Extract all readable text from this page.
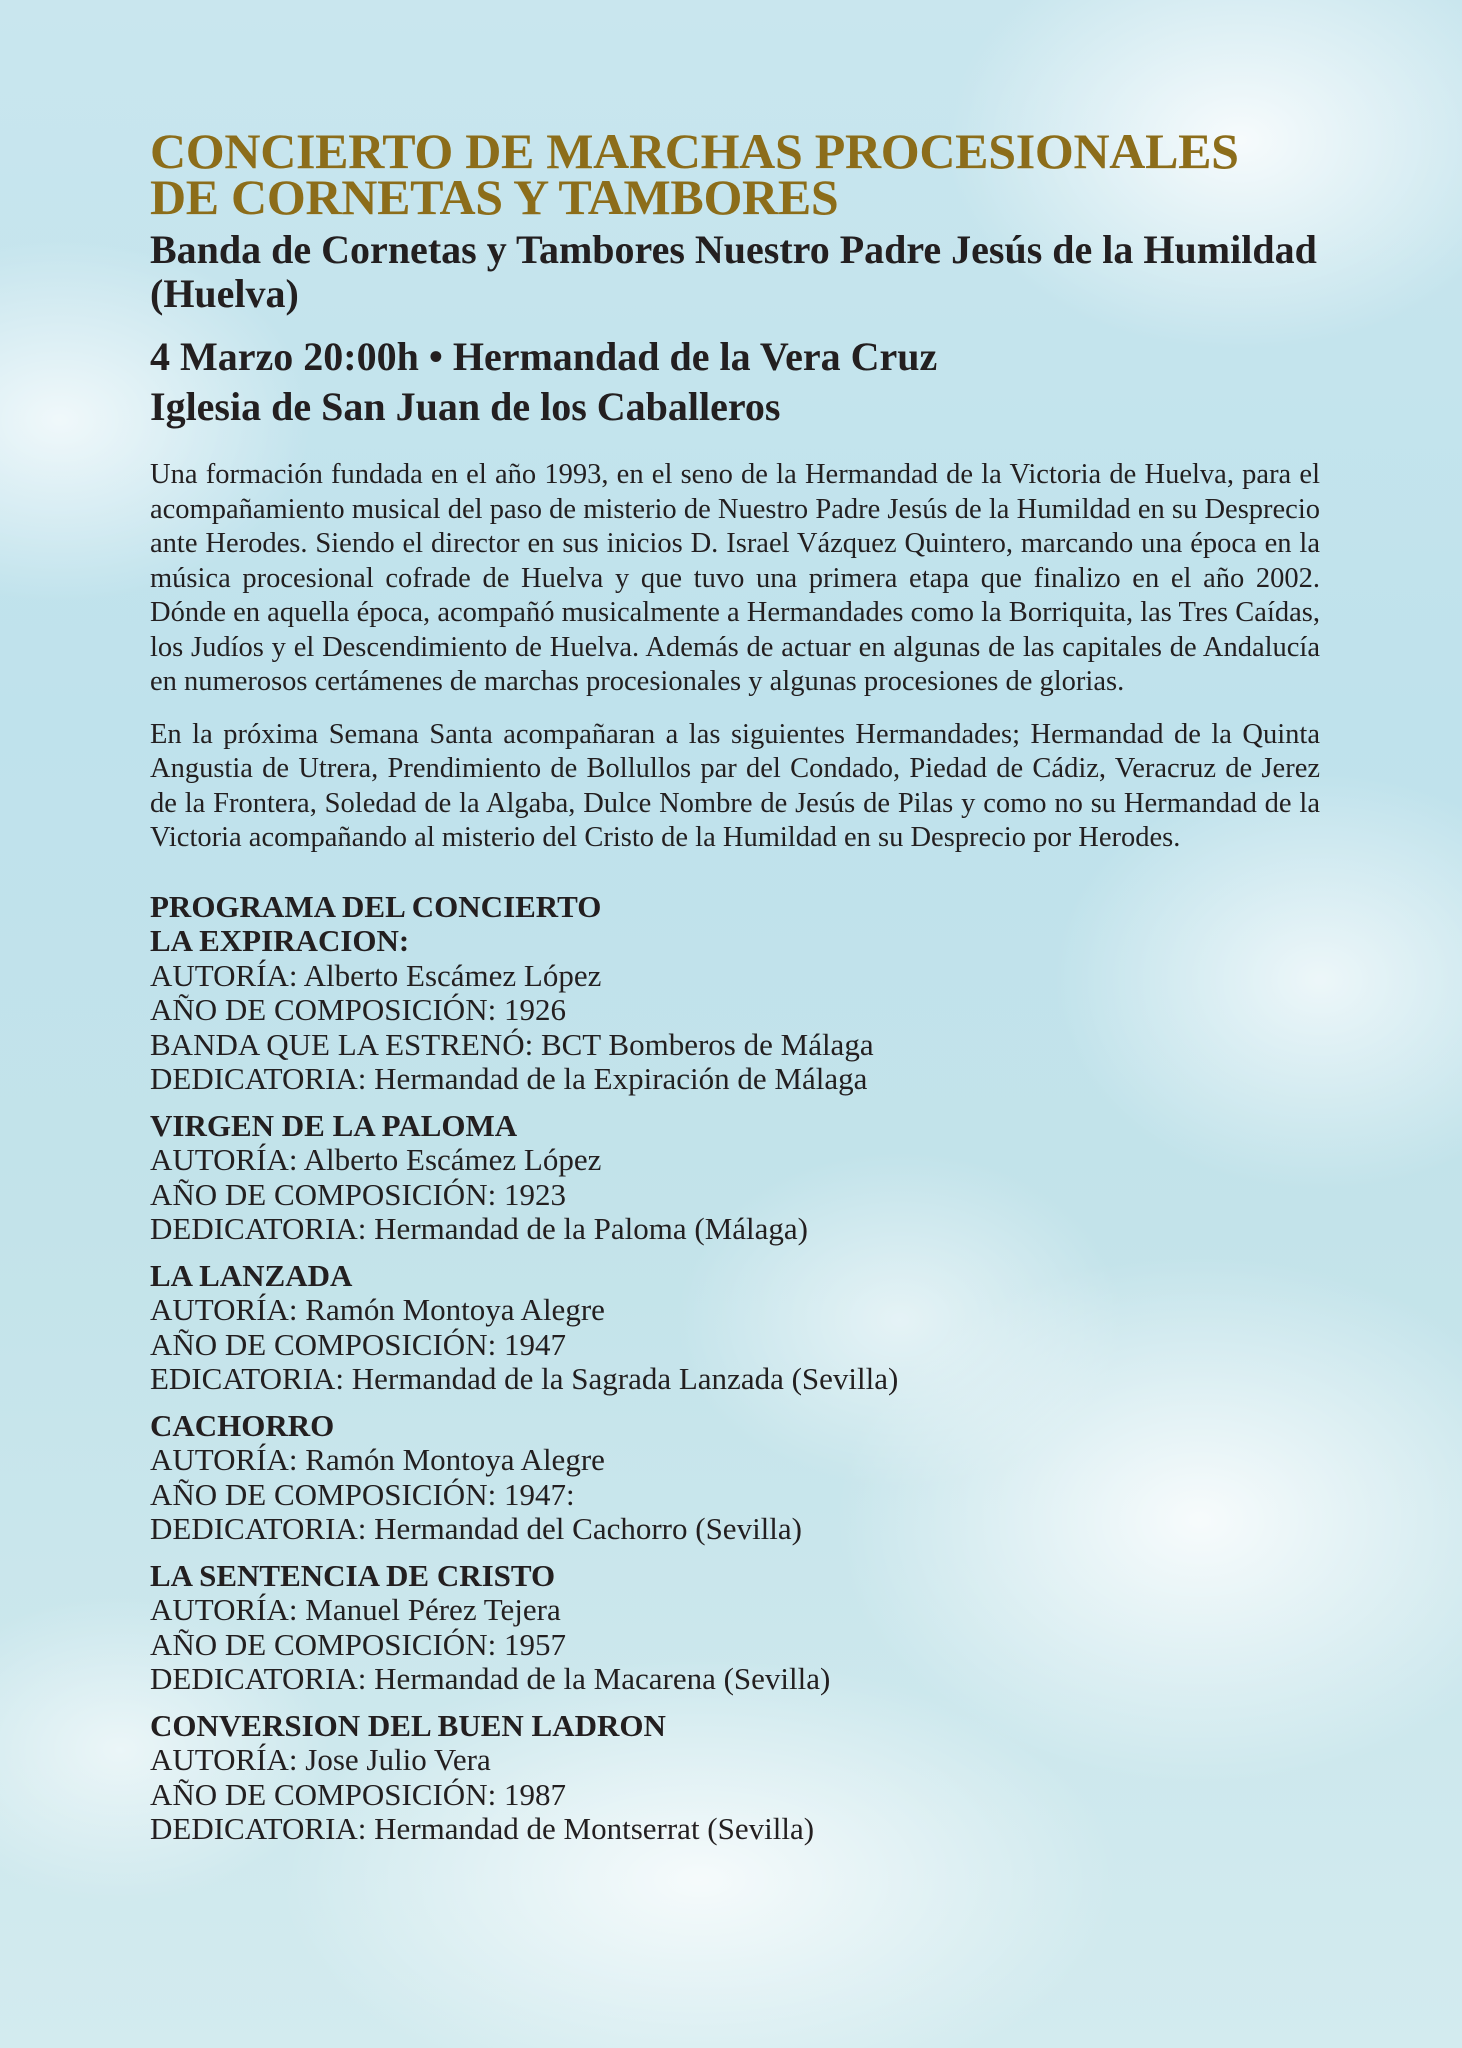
CONCIERTO DE MARCHAS PROCESIONALES
DE CORNETAS Y TAMBORES
Banda de Cornetas y Tambores Nuestro Padre Jesús de la Humildad (Huelva)
4 Marzo 20:00h • Hermandad de la Vera Cruz
Iglesia de San Juan de los Caballeros

Una formación fundada en el año 1993, en el seno de la Hermandad de la Victoria de Huelva, para el acompañamiento musical del paso de misterio de Nuestro Padre Jesús de la Humildad en su Desprecio ante Herodes. Siendo el director en sus inicios D. Israel Vázquez Quintero, marcando una época en la música procesional cofrade de Huelva y que tuvo una primera etapa que finalizo en el año 2002. Dónde en aquella época, acompañó musicalmente a Hermandades como la Borriquita, las Tres Caídas, los Judíos y el Descendimiento de Huelva. Además de actuar en algunas de las capitales de Andalucía en numerosos certámenes de marchas procesionales y algunas procesiones de glorias.

En la próxima Semana Santa acompañaran a las siguientes Hermandades; Hermandad de la Quinta Angustia de Utrera, Prendimiento de Bollullos par del Condado, Piedad de Cádiz, Veracruz de Jerez de la Frontera, Soledad de la Algaba, Dulce Nombre de Jesús de Pilas y como no su Hermandad de la Victoria acompañando al misterio del Cristo de la Humildad en su Desprecio por Herodes.

PROGRAMA DEL CONCIERTO
LA EXPIRACION:
AUTORÍA: Alberto Escámez López
AÑO DE COMPOSICIÓN: 1926
BANDA QUE LA ESTRENÓ: BCT Bomberos de Málaga
DEDICATORIA: Hermandad de la Expiración de Málaga
VIRGEN DE LA PALOMA
AUTORÍA: Alberto Escámez López
AÑO DE COMPOSICIÓN: 1923
DEDICATORIA: Hermandad de la Paloma (Málaga)
LA LANZADA
AUTORÍA: Ramón Montoya Alegre
AÑO DE COMPOSICIÓN: 1947
EDICATORIA: Hermandad de la Sagrada Lanzada (Sevilla)
CACHORRO
AUTORÍA: Ramón Montoya Alegre
AÑO DE COMPOSICIÓN: 1947:
DEDICATORIA: Hermandad del Cachorro (Sevilla)
LA SENTENCIA DE CRISTO
AUTORÍA: Manuel Pérez Tejera
AÑO DE COMPOSICIÓN: 1957
DEDICATORIA: Hermandad de la Macarena (Sevilla)
CONVERSION DEL BUEN LADRON
AUTORÍA: Jose Julio Vera
AÑO DE COMPOSICIÓN: 1987
DEDICATORIA: Hermandad de Montserrat (Sevilla)
